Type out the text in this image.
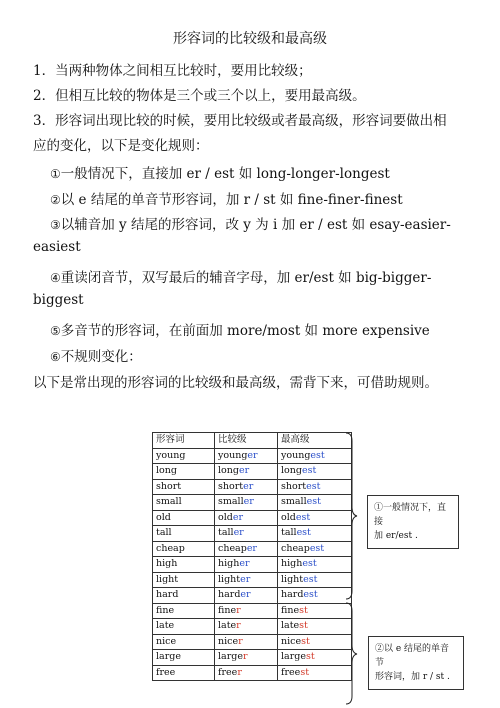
形容词的比较级和最高级
1．当两种物体之间相互比较时，要用比较级；
2．但相互比较的物体是三个或三个以上，要用最高级。
3．形容词出现比较的时候，要用比较级或者最高级，形容词要做出相
应的变化，以下是变化规则：
①一般情况下，直接加 er / est 如 long-longer-longest
②以 e 结尾的单音节形容词，加 r / st 如 fine-finer-finest
③以辅音加 y 结尾的形容词，改 y 为 i 加 er / est 如 esay-easier-
easiest
④重读闭音节，双写最后的辅音字母，加 er/est 如 big-bigger-
biggest
⑤多音节的形容词，在前面加 more/most 如 more expensive
⑥不规则变化：
以下是常出现的形容词的比较级和最高级，需背下来，可借助规则。
形容词	比较级	最高级
young	younger	youngest
long	longer	longest
short	shorter	shortest
small	smaller	smallest
old	older	oldest
tall	taller	tallest
cheap	cheaper	cheapest
high	higher	highest
light	lighter	lightest
hard	harder	hardest
fine	finer	finest
late	later	latest
nice	nicer	nicest
large	larger	largest
free	freer	freest
①一般情况下，直接
加 er/est .
②以 e 结尾的单音节
形容词，加 r / st .
